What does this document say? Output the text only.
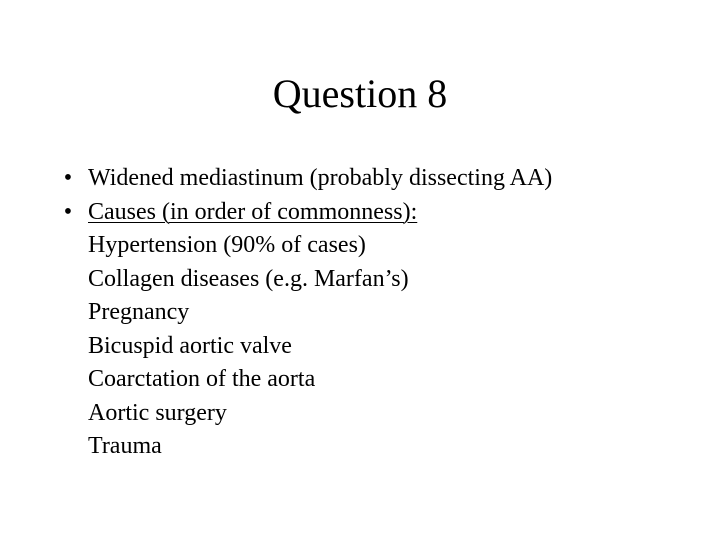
Question 8
• Widened mediastinum (probably dissecting AA)
• Causes (in order of commonness):
Hypertension (90% of cases)
Collagen diseases (e.g. Marfan’s)
Pregnancy
Bicuspid aortic valve
Coarctation of the aorta
Aortic surgery
Trauma
